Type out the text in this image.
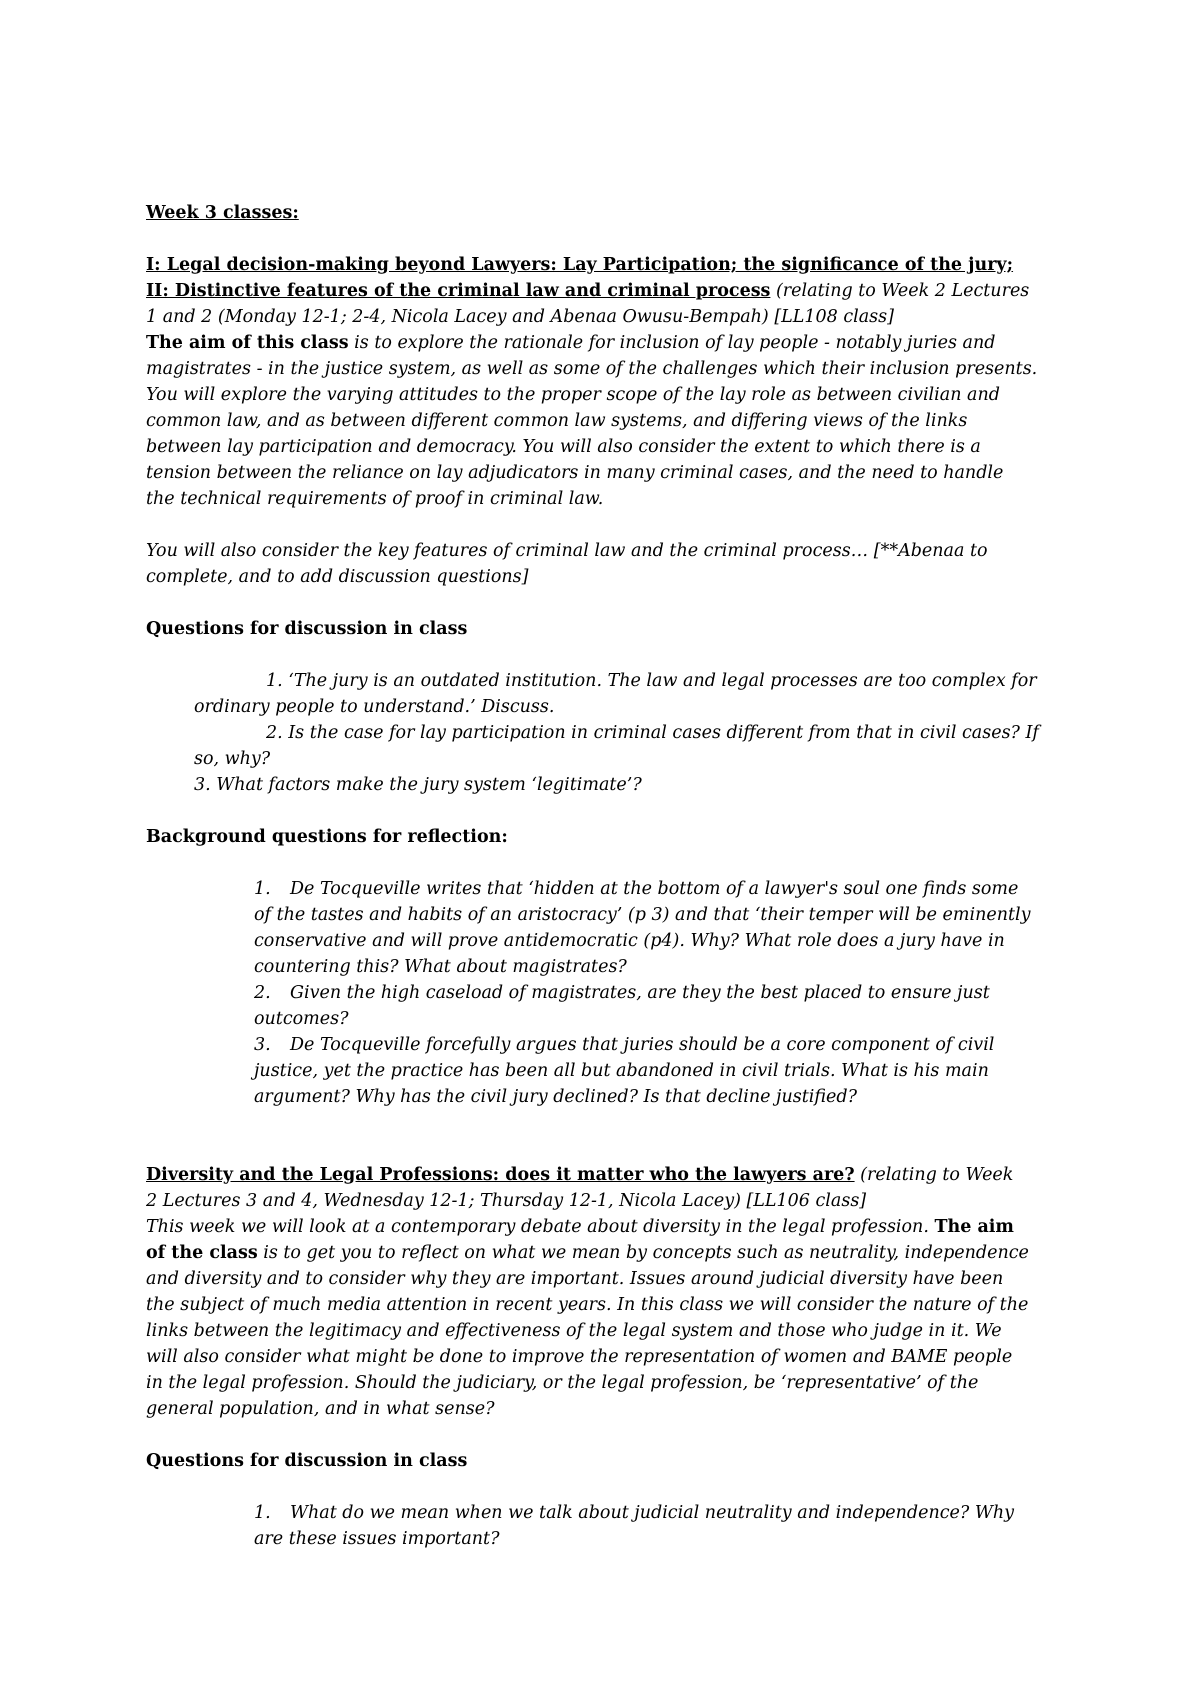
Week 3 classes:
I: Legal decision-making beyond Lawyers: Lay Participation; the significance of the jury;
II: Distinctive features of the criminal law and criminal process (relating to Week 2 Lectures
1 and 2 (Monday 12-1; 2-4, Nicola Lacey and Abenaa Owusu-Bempah) [LL108 class]
The aim of this class is to explore the rationale for inclusion of lay people - notably juries and
magistrates - in the justice system, as well as some of the challenges which their inclusion presents.
You will explore the varying attitudes to the proper scope of the lay role as between civilian and
common law, and as between different common law systems, and differing views of the links
between lay participation and democracy. You will also consider the extent to which there is a
tension between the reliance on lay adjudicators in many criminal cases, and the need to handle
the technical requirements of proof in criminal law.
You will also consider the key features of criminal law and the criminal process… [**Abenaa to
complete, and to add discussion questions]
Questions for discussion in class
1. ‘The jury is an outdated institution. The law and legal processes are too complex for
ordinary people to understand.’ Discuss.
2. Is the case for lay participation in criminal cases different from that in civil cases? If
so, why?
3. What factors make the jury system ‘legitimate’?
Background questions for reflection:
1. De Tocqueville writes that ‘hidden at the bottom of a lawyer's soul one finds some
of the tastes and habits of an aristocracy’ (p 3) and that ‘their temper will be eminently
conservative and will prove antidemocratic (p4). Why? What role does a jury have in
countering this? What about magistrates?
2. Given the high caseload of magistrates, are they the best placed to ensure just
outcomes?
3. De Tocqueville forcefully argues that juries should be a core component of civil
justice, yet the practice has been all but abandoned in civil trials. What is his main
argument? Why has the civil jury declined? Is that decline justified?
Diversity and the Legal Professions: does it matter who the lawyers are? (relating to Week
2 Lectures 3 and 4, Wednesday 12-1; Thursday 12-1, Nicola Lacey) [LL106 class]
This week we will look at a contemporary debate about diversity in the legal profession. The aim
of the class is to get you to reflect on what we mean by concepts such as neutrality, independence
and diversity and to consider why they are important. Issues around judicial diversity have been
the subject of much media attention in recent years. In this class we will consider the nature of the
links between the legitimacy and effectiveness of the legal system and those who judge in it. We
will also consider what might be done to improve the representation of women and BAME people
in the legal profession. Should the judiciary, or the legal profession, be ‘representative’ of the
general population, and in what sense?
Questions for discussion in class
1. What do we mean when we talk about judicial neutrality and independence? Why
are these issues important?
